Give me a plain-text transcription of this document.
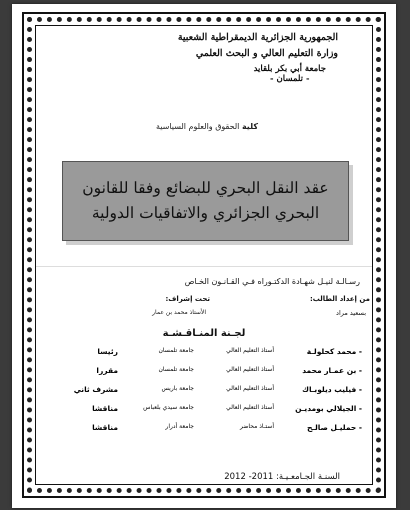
الجمهورية الجزائرية الديمقراطية الشعبية
وزارة التعليم العالي و البحث العلمي
جامعة أبي بكر بلقايد
- تلمسان -
كلية الحقوق والعلوم السياسية
عقد النقل البحري للبضائع وفقا للقانون
البحري الجزائري والاتفاقيات الدولية
رسـالـة لنيـل شهـادة الدكتـوراه فـي القـانـون الخـاص
من إعداد الطالب:
تحت إشراف:
بسعيد مراد
الأستاذ محمد بن عمار
لجـنة المنـاقـشـة
- محمد كحلولـة
أستاذ التعليم العالي
جامعة تلمسان
رئيسا
- بن عمـار محمد
أستاذ التعليم العالي
جامعة تلمسان
مقررا
- فيليب ديلوبـاك
أستاذ التعليم العالي
جامعة باريس
مشرف ثاني
- الجيلالي بومديـن
أستاذ التعليم العالي
جامعة سيدي بلعباس
مناقشا
- حمليـل صالـح
أستـاذ محاضر
جامعة أدرار
مناقشا
السنـة الجـامعـيـة: 2011- 2012
